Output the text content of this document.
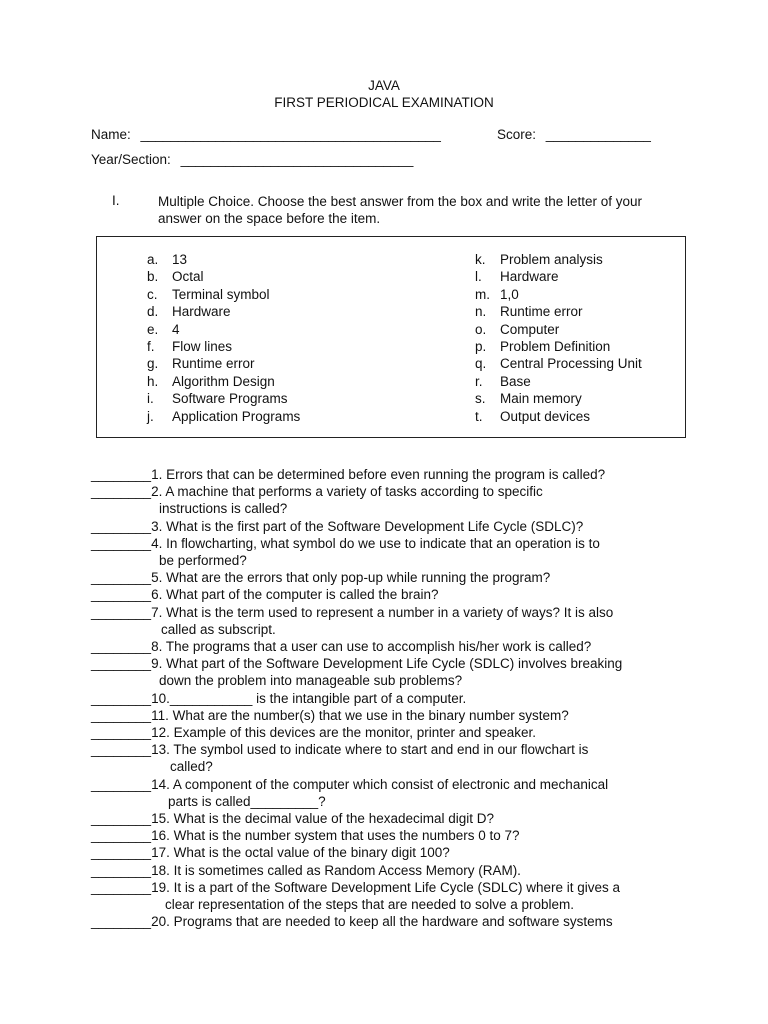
JAVA
FIRST PERIODICAL EXAMINATION
Name: ________________________________________	Score: ______________
Year/Section: _______________________________
I.	Multiple Choice. Choose the best answer from the box and write the letter of your answer on the space before the item.
a. 13
b. Octal
c. Terminal symbol
d. Hardware
e. 4
f. Flow lines
g. Runtime error
h. Algorithm Design
i. Software Programs
j. Application Programs
k. Problem analysis
l. Hardware
m. 1,0
n. Runtime error
o. Computer
p. Problem Definition
q. Central Processing Unit
r. Base
s. Main memory
t. Output devices
________1. Errors that can be determined before even running the program is called?
________2. A machine that performs a variety of tasks according to specific
instructions is called?
________3. What is the first part of the Software Development Life Cycle (SDLC)?
________4. In flowcharting, what symbol do we use to indicate that an operation is to
be performed?
________5. What are the errors that only pop-up while running the program?
________6. What part of the computer is called the brain?
________7. What is the term used to represent a number in a variety of ways? It is also
called as subscript.
________8. The programs that a user can use to accomplish his/her work is called?
________9. What part of the Software Development Life Cycle (SDLC) involves breaking
down the problem into manageable sub problems?
________10.___________ is the intangible part of a computer.
________11. What are the number(s) that we use in the binary number system?
________12. Example of this devices are the monitor, printer and speaker.
________13. The symbol used to indicate where to start and end in our flowchart is
called?
________14. A component of the computer which consist of electronic and mechanical
parts is called_________?
________15. What is the decimal value of the hexadecimal digit D?
________16. What is the number system that uses the numbers 0 to 7?
________17. What is the octal value of the binary digit 100?
________18. It is sometimes called as Random Access Memory (RAM).
________19. It is a part of the Software Development Life Cycle (SDLC) where it gives a
clear representation of the steps that are needed to solve a problem.
________20. Programs that are needed to keep all the hardware and software systems
